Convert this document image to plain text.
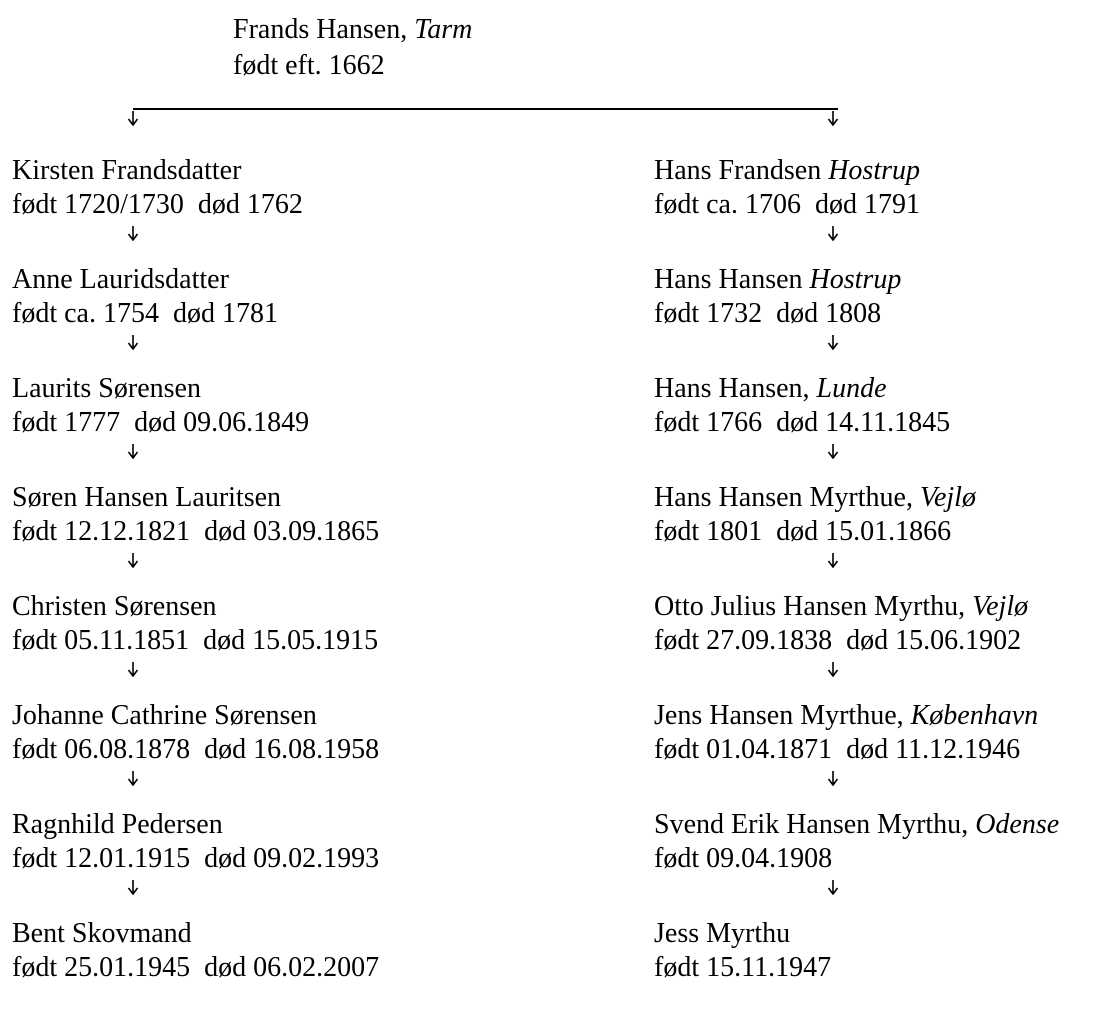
Frands Hansen, Tarm
født eft. 1662
Kirsten Frandsdatter
født 1720/1730  død 1762
Anne Lauridsdatter
født ca. 1754  død 1781
Laurits Sørensen
født 1777  død 09.06.1849
Søren Hansen Lauritsen
født 12.12.1821  død 03.09.1865
Christen Sørensen
født 05.11.1851  død 15.05.1915
Johanne Cathrine Sørensen
født 06.08.1878  død 16.08.1958
Ragnhild Pedersen
født 12.01.1915  død 09.02.1993
Bent Skovmand
født 25.01.1945  død 06.02.2007
Hans Frandsen Hostrup
født ca. 1706  død 1791
Hans Hansen Hostrup
født 1732  død 1808
Hans Hansen, Lunde
født 1766  død 14.11.1845
Hans Hansen Myrthue, Vejlø
født 1801  død 15.01.1866
Otto Julius Hansen Myrthu, Vejlø
født 27.09.1838  død 15.06.1902
Jens Hansen Myrthue, København
født 01.04.1871  død 11.12.1946
Svend Erik Hansen Myrthu, Odense
født 09.04.1908
Jess Myrthu
født 15.11.1947
